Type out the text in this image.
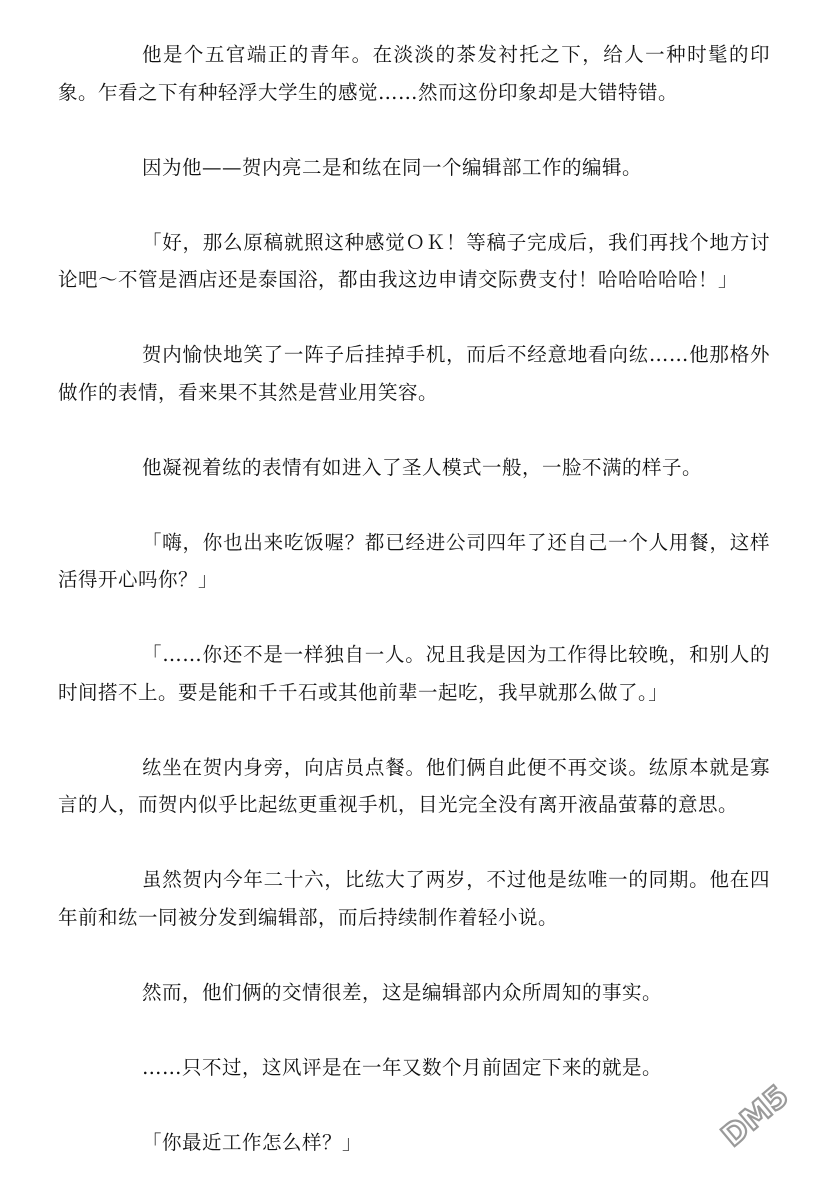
他是个五官端正的青年。在淡淡的茶发衬托之下，给人一种时髦的印象。乍看之下有种轻浮大学生的感觉……然而这份印象却是大错特错。

因为他——贺内亮二是和纮在同一个编辑部工作的编辑。

「好，那么原稿就照这种感觉ＯＫ！等稿子完成后，我们再找个地方讨论吧～不管是酒店还是泰国浴，都由我这边申请交际费支付！哈哈哈哈哈！」

贺内愉快地笑了一阵子后挂掉手机，而后不经意地看向纮……他那格外做作的表情，看来果不其然是营业用笑容。

他凝视着纮的表情有如进入了圣人模式一般，一脸不满的样子。

「嗨，你也出来吃饭喔？都已经进公司四年了还自己一个人用餐，这样活得开心吗你？」

「……你还不是一样独自一人。况且我是因为工作得比较晚，和别人的时间搭不上。要是能和千千石或其他前辈一起吃，我早就那么做了。」

纮坐在贺内身旁，向店员点餐。他们俩自此便不再交谈。纮原本就是寡言的人，而贺内似乎比起纮更重视手机，目光完全没有离开液晶萤幕的意思。

虽然贺内今年二十六，比纮大了两岁，不过他是纮唯一的同期。他在四年前和纮一同被分发到编辑部，而后持续制作着轻小说。

然而，他们俩的交情很差，这是编辑部内众所周知的事实。

……只不过，这风评是在一年又数个月前固定下来的就是。

「你最近工作怎么样？」	DM5
